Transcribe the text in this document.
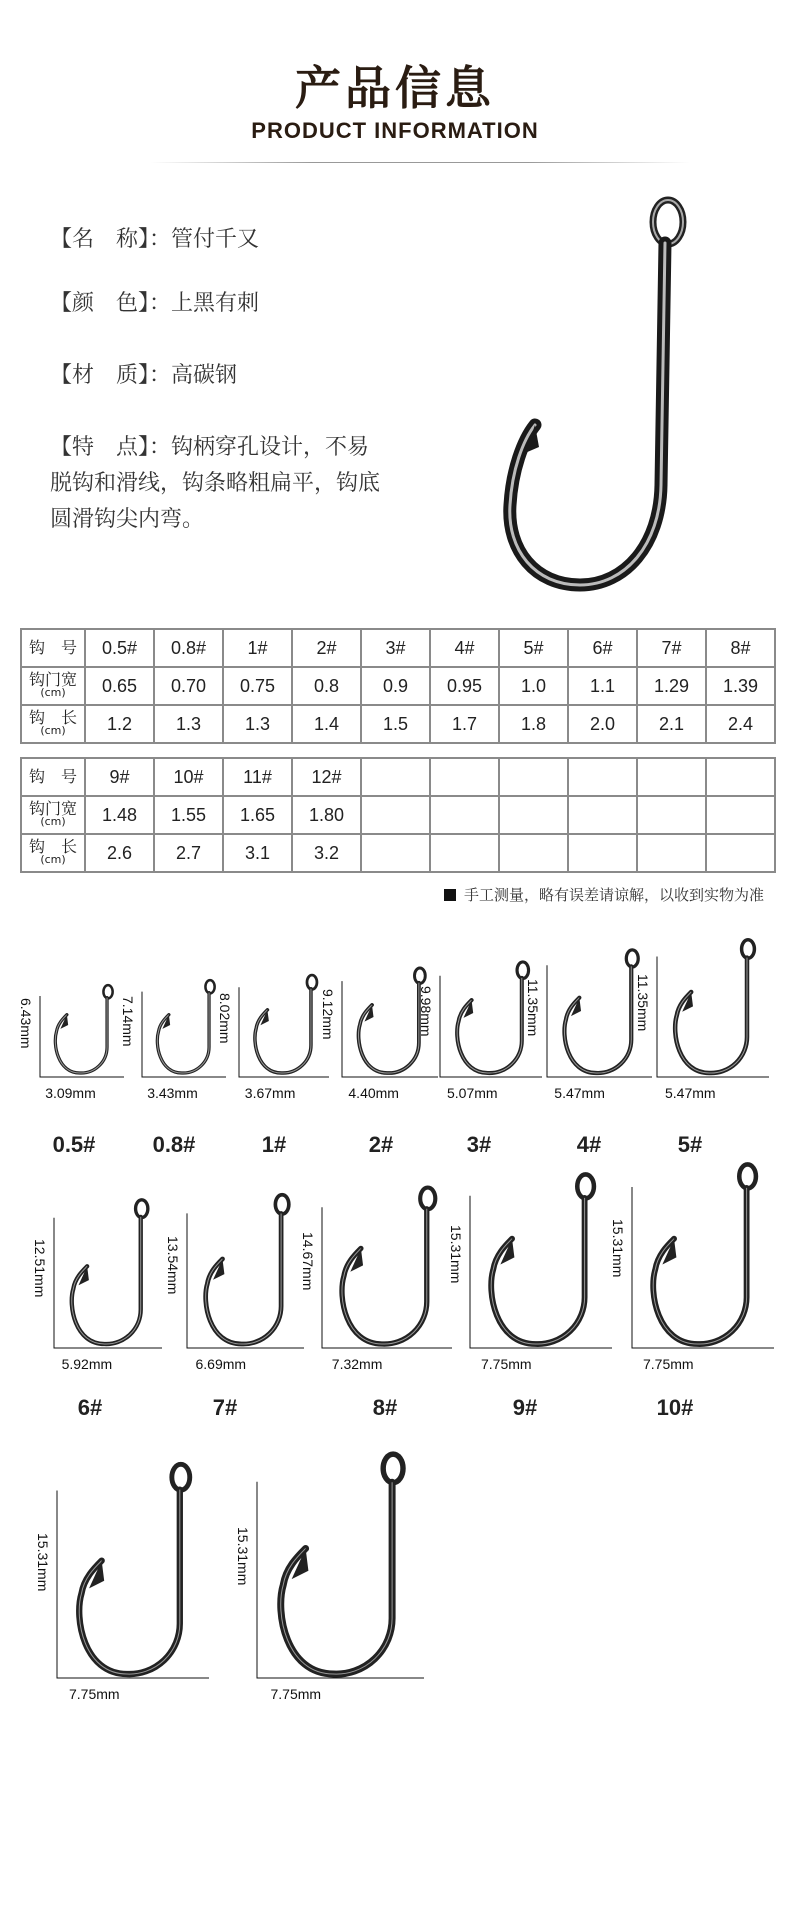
产品信息
PRODUCT INFORMATION
【名　称】：管付千又
【颜　色】：上黑有刺
【材　质】：高碳钢
【特　点】：钩柄穿孔设计，不易
脱钩和滑线，钩条略粗扁平，钩底
圆滑钩尖内弯。
钩　号	0.5#	0.8#	1#	2#	3#	4#	5#	6#	7#	8#
钩门宽
(cm)	0.65	0.70	0.75	0.8	0.9	0.95	1.0	1.1	1.29	1.39
钩　长
(cm)	1.2	1.3	1.3	1.4	1.5	1.7	1.8	2.0	2.1	2.4
钩　号	9#	10#	11#	12#						
钩门宽
(cm)	1.48	1.55	1.65	1.80						
钩　长
(cm)	2.6	2.7	3.1	3.2						
手工测量，略有误差请谅解，以收到实物为准
6.43mm
3.09mm
0.5#
7.14mm
3.43mm
0.8#
8.02mm
3.67mm
1#
9.12mm
4.40mm
2#
9.98mm
5.07mm
3#
11.35mm
5.47mm
4#
11.35mm
5.47mm
5#
12.51mm
5.92mm
6#
13.54mm
6.69mm
7#
14.67mm
7.32mm
8#
15.31mm
7.75mm
9#
15.31mm
7.75mm
10#
15.31mm
7.75mm
15.31mm
7.75mm
